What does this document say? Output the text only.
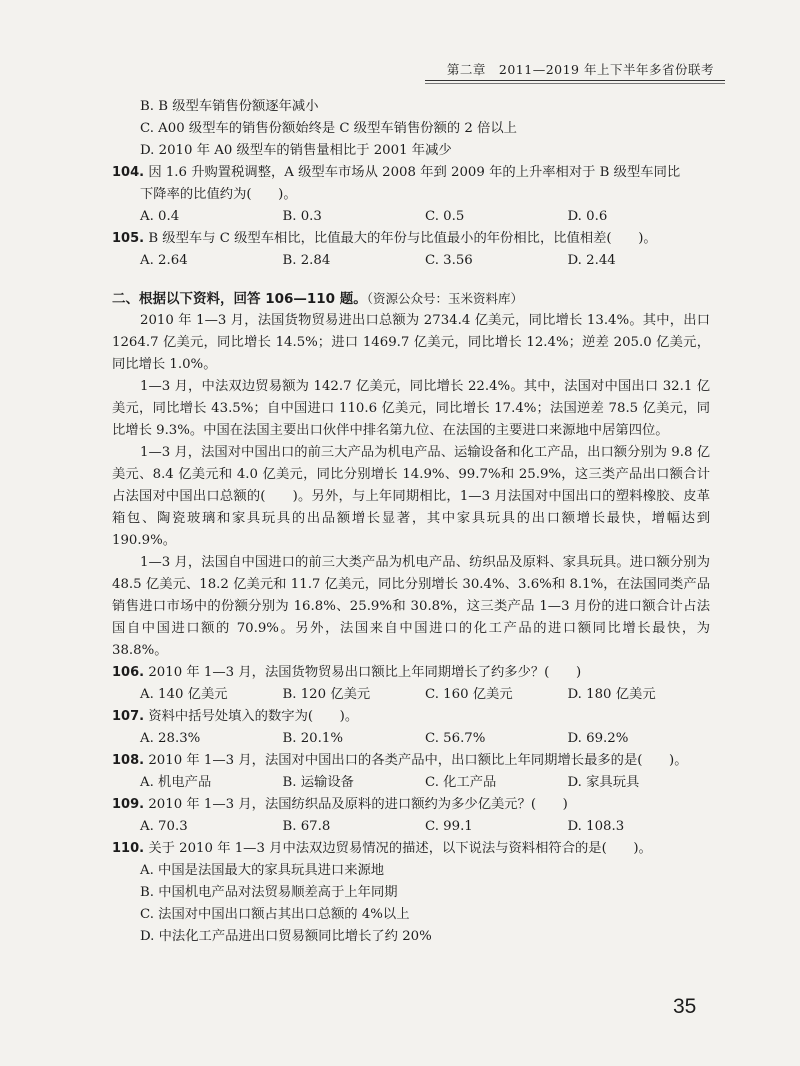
第二章　2011—2019 年上下半年多省份联考
B. B 级型车销售份额逐年减小
C. A00 级型车的销售份额始终是 C 级型车销售份额的 2 倍以上
D. 2010 年 A0 级型车的销售量相比于 2001 年减少
104. 因 1.6 升购置税调整，A 级型车市场从 2008 年到 2009 年的上升率相对于 B 级型车同比
下降率的比值约为(　　)。
A. 0.4	B. 0.3	C. 0.5	D. 0.6
105. B 级型车与 C 级型车相比，比值最大的年份与比值最小的年份相比，比值相差(　　)。
A. 2.64	B. 2.84	C. 3.56	D. 2.44
二、根据以下资料，回答 106—110 题。（资源公众号：玉米资料库）
2010 年 1—3 月，法国货物贸易进出口总额为 2734.4 亿美元，同比增长 13.4%。其中，出口 1264.7 亿美元，同比增长 14.5%；进口 1469.7 亿美元，同比增长 12.4%；逆差 205.0 亿美元，同比增长 1.0%。
1—3 月，中法双边贸易额为 142.7 亿美元，同比增长 22.4%。其中，法国对中国出口 32.1 亿美元，同比增长 43.5%；自中国进口 110.6 亿美元，同比增长 17.4%；法国逆差 78.5 亿美元，同比增长 9.3%。中国在法国主要出口伙伴中排名第九位、在法国的主要进口来源地中居第四位。
1—3 月，法国对中国出口的前三大产品为机电产品、运输设备和化工产品，出口额分别为 9.8 亿美元、8.4 亿美元和 4.0 亿美元，同比分别增长 14.9%、99.7%和 25.9%，这三类产品出口额合计占法国对中国出口总额的(　　)。另外，与上年同期相比，1—3 月法国对中国出口的塑料橡胶、皮革箱包、陶瓷玻璃和家具玩具的出品额增长显著，其中家具玩具的出口额增长最快，增幅达到 190.9%。
1—3 月，法国自中国进口的前三大类产品为机电产品、纺织品及原料、家具玩具。进口额分别为 48.5 亿美元、18.2 亿美元和 11.7 亿美元，同比分别增长 30.4%、3.6%和 8.1%，在法国同类产品销售进口市场中的份额分别为 16.8%、25.9%和 30.8%，这三类产品 1—3 月份的进口额合计占法国自中国进口额的 70.9%。另外，法国来自中国进口的化工产品的进口额同比增长最快，为 38.8%。
106. 2010 年 1—3 月，法国货物贸易出口额比上年同期增长了约多少？(　　)
A. 140 亿美元	B. 120 亿美元	C. 160 亿美元	D. 180 亿美元
107. 资料中括号处填入的数字为(　　)。
A. 28.3%	B. 20.1%	C. 56.7%	D. 69.2%
108. 2010 年 1—3 月，法国对中国出口的各类产品中，出口额比上年同期增长最多的是(　　)。
A. 机电产品	B. 运输设备	C. 化工产品	D. 家具玩具
109. 2010 年 1—3 月，法国纺织品及原料的进口额约为多少亿美元？(　　)
A. 70.3	B. 67.8	C. 99.1	D. 108.3
110. 关于 2010 年 1—3 月中法双边贸易情况的描述，以下说法与资料相符合的是(　　)。
A. 中国是法国最大的家具玩具进口来源地
B. 中国机电产品对法贸易顺差高于上年同期
C. 法国对中国出口额占其出口总额的 4%以上
D. 中法化工产品进出口贸易额同比增长了约 20%
35
